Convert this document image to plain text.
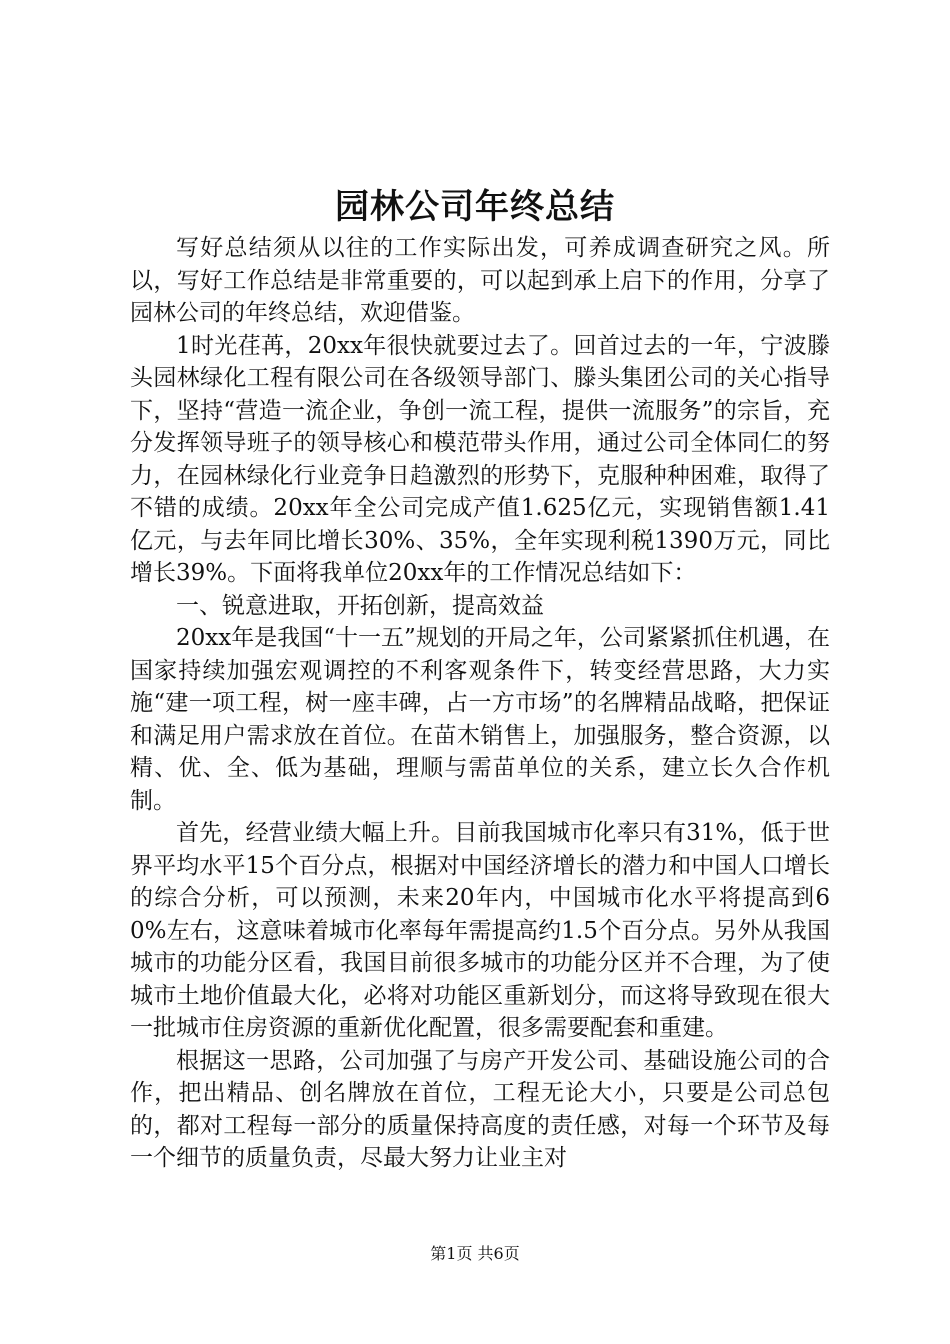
园林公司年终总结

写好总结须从以往的工作实际出发，可养成调查研究之风。所以，写好工作总结是非常重要的，可以起到承上启下的作用，分享了园林公司的年终总结，欢迎借鉴。

1时光荏苒，20xx年很快就要过去了。回首过去的一年，宁波滕头园林绿化工程有限公司在各级领导部门、滕头集团公司的关心指导下，坚持“营造一流企业，争创一流工程，提供一流服务”的宗旨，充分发挥领导班子的领导核心和模范带头作用，通过公司全体同仁的努力，在园林绿化行业竞争日趋激烈的形势下，克服种种困难，取得了不错的成绩。20xx年全公司完成产值1.625亿元，实现销售额1.41亿元，与去年同比增长30%、35%，全年实现利税1390万元，同比增长39%。下面将我单位20xx年的工作情况总结如下：

一、锐意进取，开拓创新，提高效益

20xx年是我国“十一五”规划的开局之年，公司紧紧抓住机遇，在国家持续加强宏观调控的不利客观条件下，转变经营思路，大力实施“建一项工程，树一座丰碑，占一方市场”的名牌精品战略，把保证和满足用户需求放在首位。在苗木销售上，加强服务，整合资源，以精、优、全、低为基础，理顺与需苗单位的关系，建立长久合作机制。

首先，经营业绩大幅上升。目前我国城市化率只有31%，低于世界平均水平15个百分点，根据对中国经济增长的潜力和中国人口增长的综合分析，可以预测，未来20年内，中国城市化水平将提高到60%左右，这意味着城市化率每年需提高约1.5个百分点。另外从我国城市的功能分区看，我国目前很多城市的功能分区并不合理，为了使城市土地价值最大化，必将对功能区重新划分，而这将导致现在很大一批城市住房资源的重新优化配置，很多需要配套和重建。

根据这一思路，公司加强了与房产开发公司、基础设施公司的合作，把出精品、创名牌放在首位，工程无论大小，只要是公司总包的，都对工程每一部分的质量保持高度的责任感，对每一个环节及每一个细节的质量负责，尽最大努力让业主对

第1页 共6页
